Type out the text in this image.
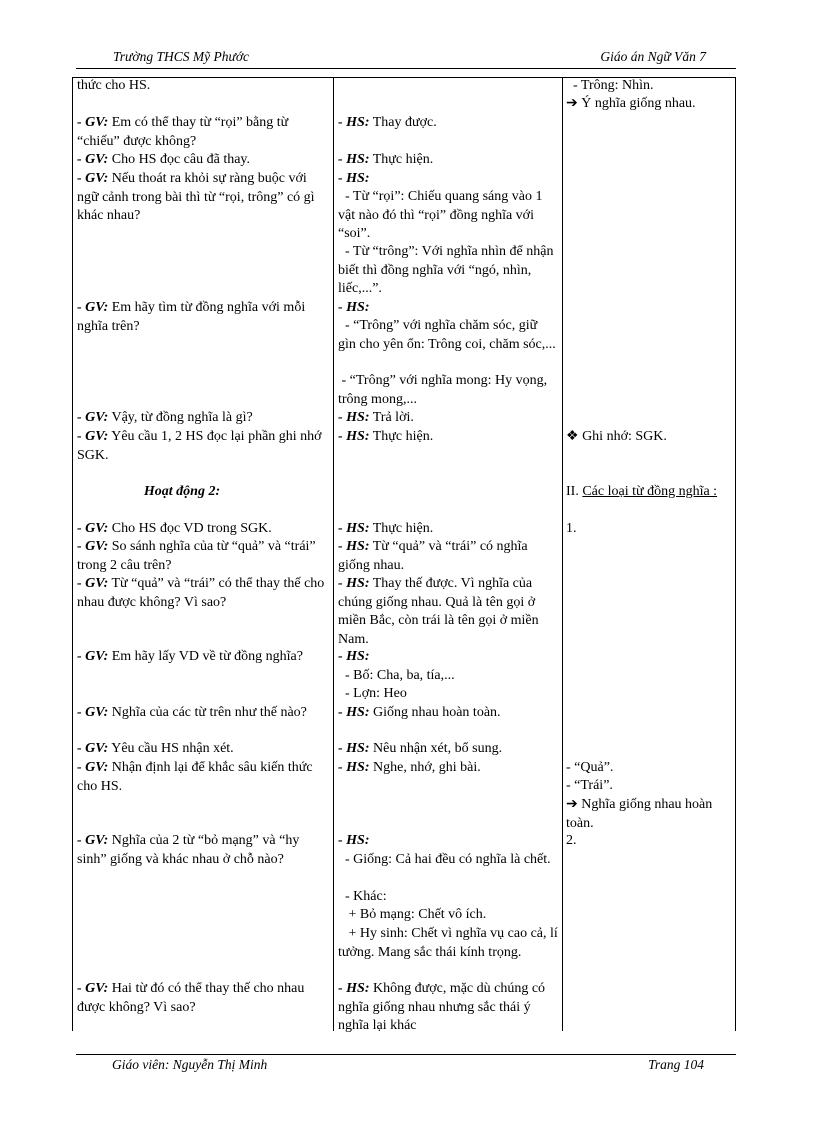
Trường THCS Mỹ Phước	Giáo án Ngữ Văn 7
thức cho HS.
- GV: Em có thể thay từ “rọi” bằng từ “chiếu” được không?
- GV: Cho HS đọc câu đã thay.
- GV: Nếu thoát ra khỏi sự ràng buộc với ngữ cảnh trong bài thì từ “rọi, trông” có gì khác nhau?
- GV: Em hãy tìm từ đồng nghĩa với mỗi nghĩa trên?
- GV: Vậy, từ đồng nghĩa là gì?
- GV: Yêu cầu 1, 2 HS đọc lại phần ghi nhớ SGK.
Hoạt động 2:
- GV: Cho HS đọc VD trong SGK.
- GV: So sánh nghĩa của từ “quả” và “trái” trong 2 câu trên?
- GV: Từ “quả” và “trái” có thể thay thế cho nhau được không? Vì sao?
- GV: Em hãy lấy VD về từ đồng nghĩa?
- GV: Nghĩa của các từ trên như thế nào?
- GV: Yêu cầu HS nhận xét.
- GV: Nhận định lại để khắc sâu kiến thức cho HS.
- GV: Nghĩa của 2 từ “bỏ mạng” và “hy sinh” giống và khác nhau ở chỗ nào?
- GV: Hai từ đó có thể thay thế cho nhau được không? Vì sao?
- HS: Thay được.
- HS: Thực hiện.
- HS:
- Từ “rọi”: Chiếu quang sáng vào 1 vật nào đó thì “rọi” đồng nghĩa với “soi”.
- Từ “trông”: Với nghĩa nhìn để nhận biết thì đồng nghĩa với “ngó, nhìn, liếc,...”.
- HS:
- “Trông” với nghĩa chăm sóc, giữ gìn cho yên ổn: Trông coi, chăm sóc,...
- “Trông” với nghĩa mong: Hy vọng, trông mong,...
- HS: Trả lời.
- HS: Thực hiện.
- HS: Thực hiện.
- HS: Từ “quả” và “trái” có nghĩa giống nhau.
- HS: Thay thế được. Vì nghĩa của chúng giống nhau. Quả là tên gọi ở miền Bắc, còn trái là tên gọi ở miền Nam.
- HS:
- Bố: Cha, ba, tía,...
- Lợn: Heo
- HS: Giống nhau hoàn toàn.
- HS: Nêu nhận xét, bổ sung.
- HS: Nghe, nhớ, ghi bài.
- HS:
- Giống: Cả hai đều có nghĩa là chết.
- Khác:
+ Bỏ mạng: Chết vô ích.
+ Hy sinh: Chết vì nghĩa vụ cao cả, lí tưởng. Mang sắc thái kính trọng.
- HS: Không được, mặc dù chúng có nghĩa giống nhau nhưng sắc thái ý nghĩa lại khác
- Trông: Nhìn.
➔ Ý nghĩa giống nhau.
❖ Ghi nhớ: SGK.
II. Các loại từ đồng nghĩa :
1.
- “Quả”.
- “Trái”.
➔ Nghĩa giống nhau hoàn toàn.
2.
Giáo viên: Nguyễn Thị Minh	Trang 104
